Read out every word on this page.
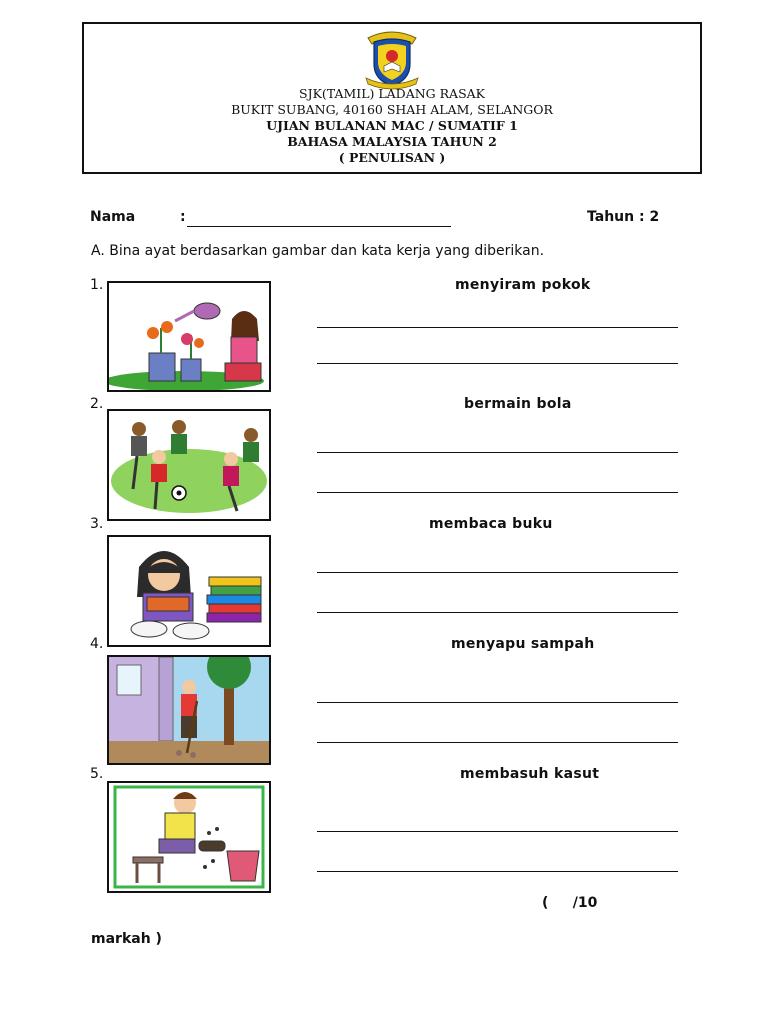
SJK(TAMIL) LADANG RASAK
BUKIT SUBANG, 40160 SHAH ALAM, SELANGOR
UJIAN BULANAN MAC / SUMATIF 1
BAHASA MALAYSIA TAHUN 2
( PENULISAN )
Nama	:	Tahun : 2
A. Bina ayat berdasarkan gambar dan kata kerja yang diberikan.
1.	menyiram pokok
2.	bermain bola
3.	membaca buku
4.	menyapu sampah
5.	membasuh kasut
(     /10
markah )
